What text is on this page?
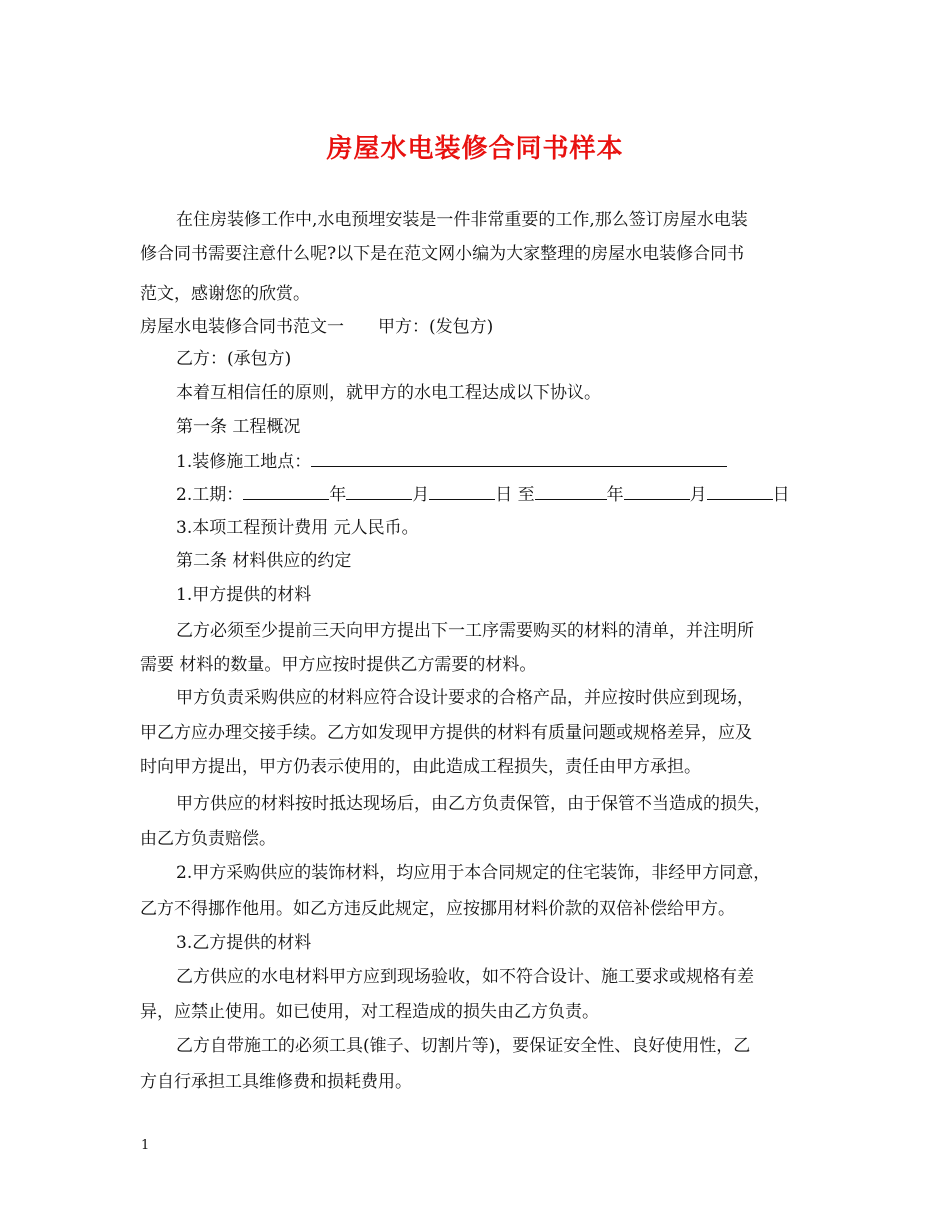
房屋水电装修合同书样本
在住房装修工作中,水电预埋安装是一件非常重要的工作,那么签订房屋水电装
修合同书需要注意什么呢?以下是在范文网小编为大家整理的房屋水电装修合同书
范文，感谢您的欣赏。
房屋水电装修合同书范文一　　甲方：(发包方)
乙方：(承包方)
本着互相信任的原则，就甲方的水电工程达成以下协议。
第一条 工程概况
1.装修施工地点：
2.工期：	年	月	日 至	年	月	日
3.本项工程预计费用 元人民币。
第二条 材料供应的约定
1.甲方提供的材料
乙方必须至少提前三天向甲方提出下一工序需要购买的材料的清单，并注明所
需要 材料的数量。甲方应按时提供乙方需要的材料。
甲方负责采购供应的材料应符合设计要求的合格产品，并应按时供应到现场，
甲乙方应办理交接手续。乙方如发现甲方提供的材料有质量问题或规格差异，应及
时向甲方提出，甲方仍表示使用的，由此造成工程损失，责任由甲方承担。
甲方供应的材料按时抵达现场后，由乙方负责保管，由于保管不当造成的损失，
由乙方负责赔偿。
2.甲方采购供应的装饰材料，均应用于本合同规定的住宅装饰，非经甲方同意，
乙方不得挪作他用。如乙方违反此规定，应按挪用材料价款的双倍补偿给甲方。
3.乙方提供的材料
乙方供应的水电材料甲方应到现场验收，如不符合设计、施工要求或规格有差
异，应禁止使用。如已使用，对工程造成的损失由乙方负责。
乙方自带施工的必须工具(锥子、切割片等)，要保证安全性、良好使用性，乙
方自行承担工具维修费和损耗费用。
1
